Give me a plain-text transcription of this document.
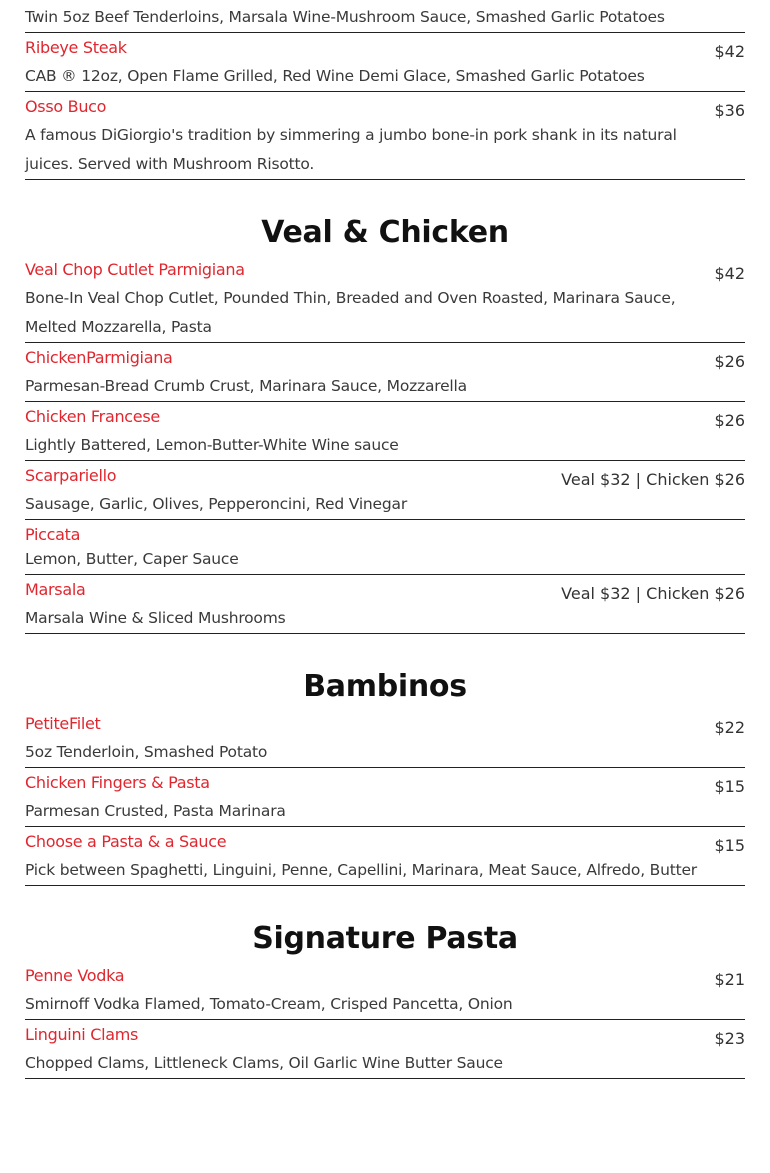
Twin 5oz Beef Tenderloins, Marsala Wine-Mushroom Sauce, Smashed Garlic Potatoes
Ribeye Steak	$42
CAB ® 12oz, Open Flame Grilled, Red Wine Demi Glace, Smashed Garlic Potatoes
Osso Buco	$36
A famous DiGiorgio's tradition by simmering a jumbo bone-in pork shank in its natural juices. Served with Mushroom Risotto.
Veal & Chicken
Veal Chop Cutlet Parmigiana	$42
Bone-In Veal Chop Cutlet, Pounded Thin, Breaded and Oven Roasted, Marinara Sauce, Melted Mozzarella, Pasta
ChickenParmigiana	$26
Parmesan-Bread Crumb Crust, Marinara Sauce, Mozzarella
Chicken Francese	$26
Lightly Battered, Lemon-Butter-White Wine sauce
Scarpariello	Veal $32 | Chicken $26
Sausage, Garlic, Olives, Pepperoncini, Red Vinegar
Piccata
Lemon, Butter, Caper Sauce
Marsala	Veal $32 | Chicken $26
Marsala Wine & Sliced Mushrooms
Bambinos
PetiteFilet	$22
5oz Tenderloin, Smashed Potato
Chicken Fingers & Pasta	$15
Parmesan Crusted, Pasta Marinara
Choose a Pasta & a Sauce	$15
Pick between Spaghetti, Linguini, Penne, Capellini, Marinara, Meat Sauce, Alfredo, Butter
Signature Pasta
Penne Vodka	$21
Smirnoff Vodka Flamed, Tomato-Cream, Crisped Pancetta, Onion
Linguini Clams	$23
Chopped Clams, Littleneck Clams, Oil Garlic Wine Butter Sauce
